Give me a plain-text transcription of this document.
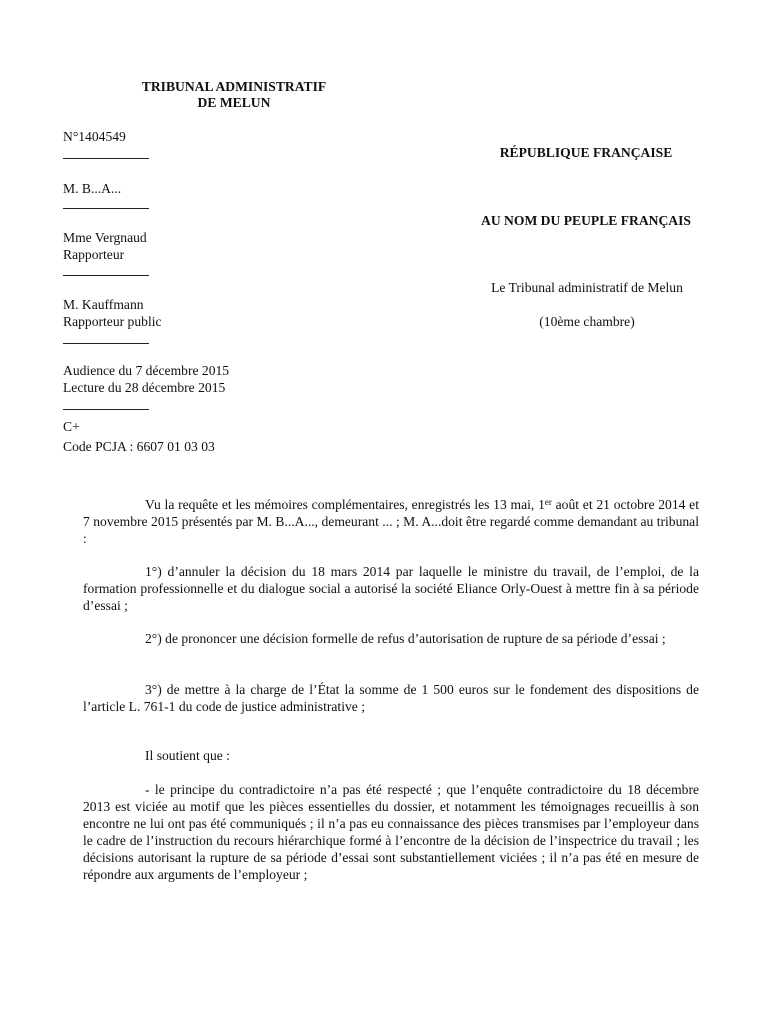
TRIBUNAL ADMINISTRATIF
DE MELUN
N°1404549
M. B...A...
Mme Vergnaud
Rapporteur
M. Kauffmann
Rapporteur public
Audience du 7 décembre 2015
Lecture du 28 décembre 2015
C+
Code PCJA : 6607 01 03 03
RÉPUBLIQUE FRANÇAISE
AU NOM DU PEUPLE FRANÇAIS
Le Tribunal administratif de Melun
(10ème chambre)
Vu la requête et les mémoires complémentaires, enregistrés les 13 mai, 1er août et 21 octobre 2014 et 7 novembre 2015 présentés par M. B...A..., demeurant ... ; M. A...doit être regardé comme demandant au tribunal :
1°) d’annuler la décision du 18 mars 2014 par laquelle le ministre du travail, de l’emploi, de la formation professionnelle et du dialogue social a autorisé la société Eliance Orly-Ouest à mettre fin à sa période d’essai ;
2°) de prononcer une décision formelle de refus d’autorisation de rupture de sa période d’essai ;
3°) de mettre à la charge de l’État la somme de 1 500 euros sur le fondement des dispositions de l’article L. 761-1 du code de justice administrative ;
Il soutient que :
- le principe du contradictoire n’a pas été respecté ; que l’enquête contradictoire du 18 décembre 2013 est viciée au motif que les pièces essentielles du dossier, et notamment les témoignages recueillis à son encontre ne lui ont pas été communiqués ; il n’a pas eu connaissance des pièces transmises par l’employeur dans le cadre de l’instruction du recours hiérarchique formé à l’encontre de la décision de l’inspectrice du travail ; les décisions autorisant la rupture de sa période d’essai sont substantiellement viciées ; il n’a pas été en mesure de répondre aux arguments de l’employeur ;
